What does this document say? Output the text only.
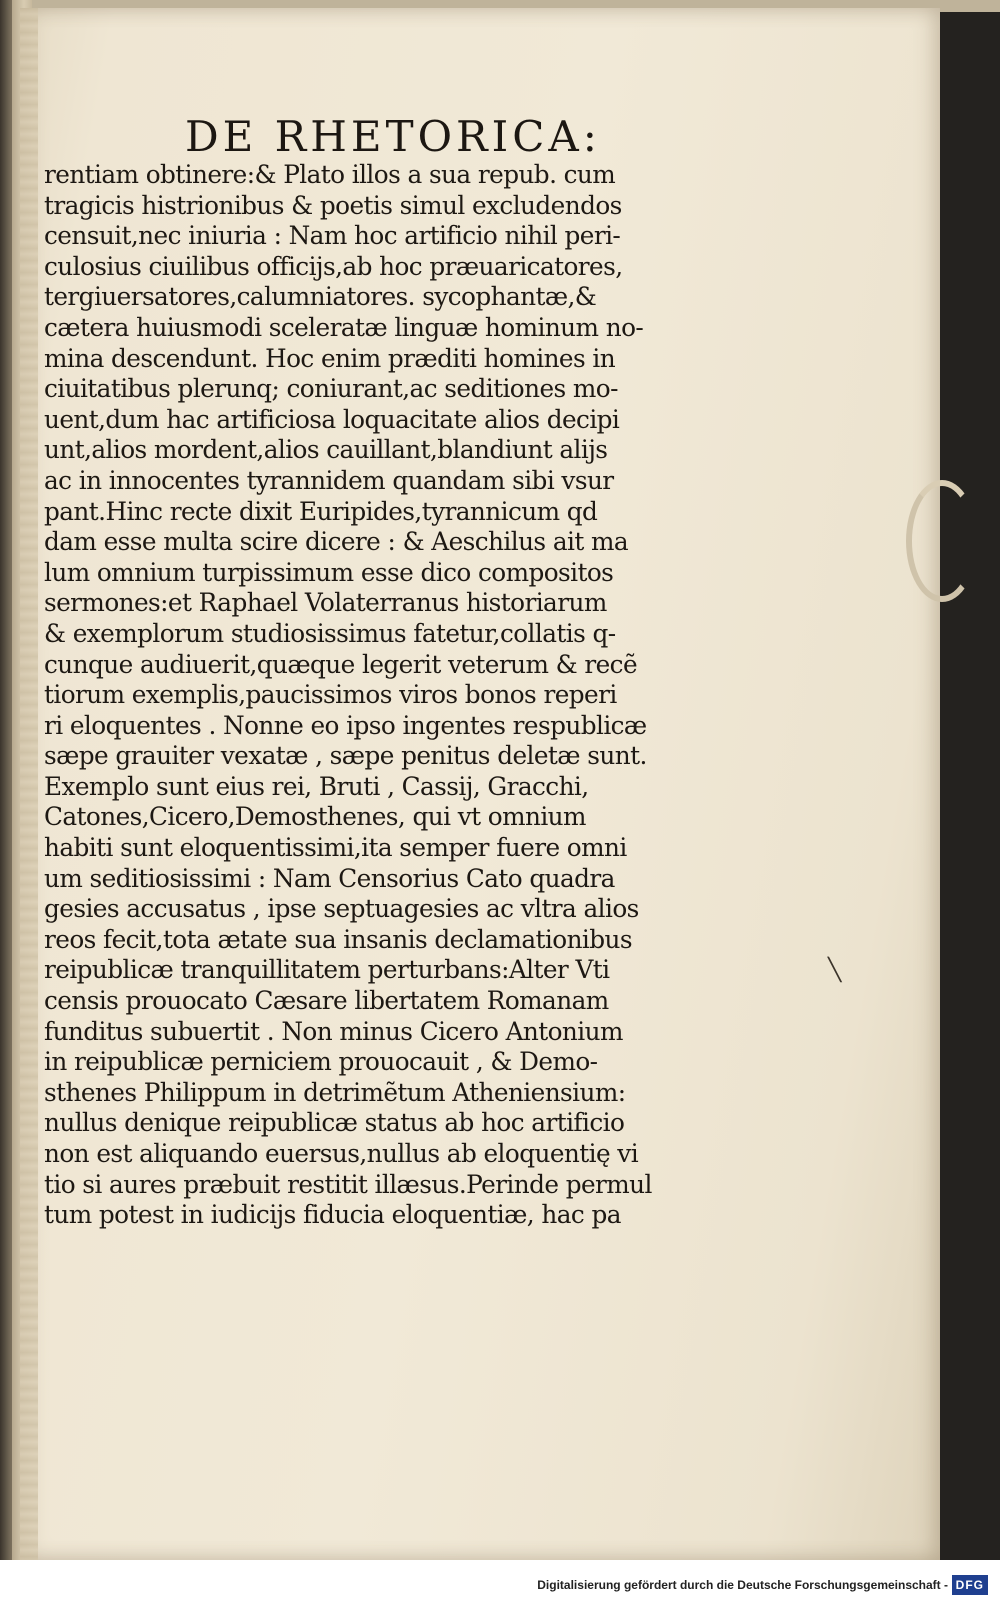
DE RHETORICA:
rentiam obtinere:& Plato illos a sua repub. cum
tragicis histrionibus & poetis simul excludendos
censuit,nec iniuria : Nam hoc artificio nihil peri-
culosius ciuilibus officijs,ab hoc præuaricatores,
tergiuersatores,calumniatores. sycophantæ,&
cætera huiusmodi sceleratæ linguæ hominum no-
mina descendunt. Hoc enim præditi homines in
ciuitatibus plerunq; coniurant,ac seditiones mo-
uent,dum hac artificiosa loquacitate alios decipi
unt,alios mordent,alios cauillant,blandiunt alijs
ac in innocentes tyrannidem quandam sibi vsur
pant.Hinc recte dixit Euripides,tyrannicum qd
dam esse multa scire dicere : & Aeschilus ait ma
lum omnium turpissimum esse dico compositos
sermones:et Raphael Volaterranus historiarum
& exemplorum studiosissimus fatetur,collatis q-
cunque audiuerit,quæque legerit veterum & recẽ
tiorum exemplis,paucissimos viros bonos reperi
ri eloquentes . Nonne eo ipso ingentes respublicæ
sæpe grauiter vexatæ , sæpe penitus deletæ sunt.
Exemplo sunt eius rei, Bruti , Cassij, Gracchi,
Catones,Cicero,Demosthenes, qui vt omnium
habiti sunt eloquentissimi,ita semper fuere omni
um seditiosissimi : Nam Censorius Cato quadra
gesies accusatus , ipse septuagesies ac vltra alios
reos fecit,tota ætate sua insanis declamationibus
reipublicæ tranquillitatem perturbans:Alter Vti
censis prouocato Cæsare libertatem Romanam
funditus subuertit . Non minus Cicero Antonium
in reipublicæ perniciem prouocauit , & Demo-
sthenes Philippum in detrimẽtum Atheniensium:
nullus denique reipublicæ status ab hoc artificio
non est aliquando euersus,nullus ab eloquentię vi
tio si aures præbuit restitit illæsus.Perinde permul
tum potest in iudicijs fiducia eloquentiæ, hac pa
╲
Digitalisierung gefördert durch die Deutsche Forschungsgemeinschaft - DFG
